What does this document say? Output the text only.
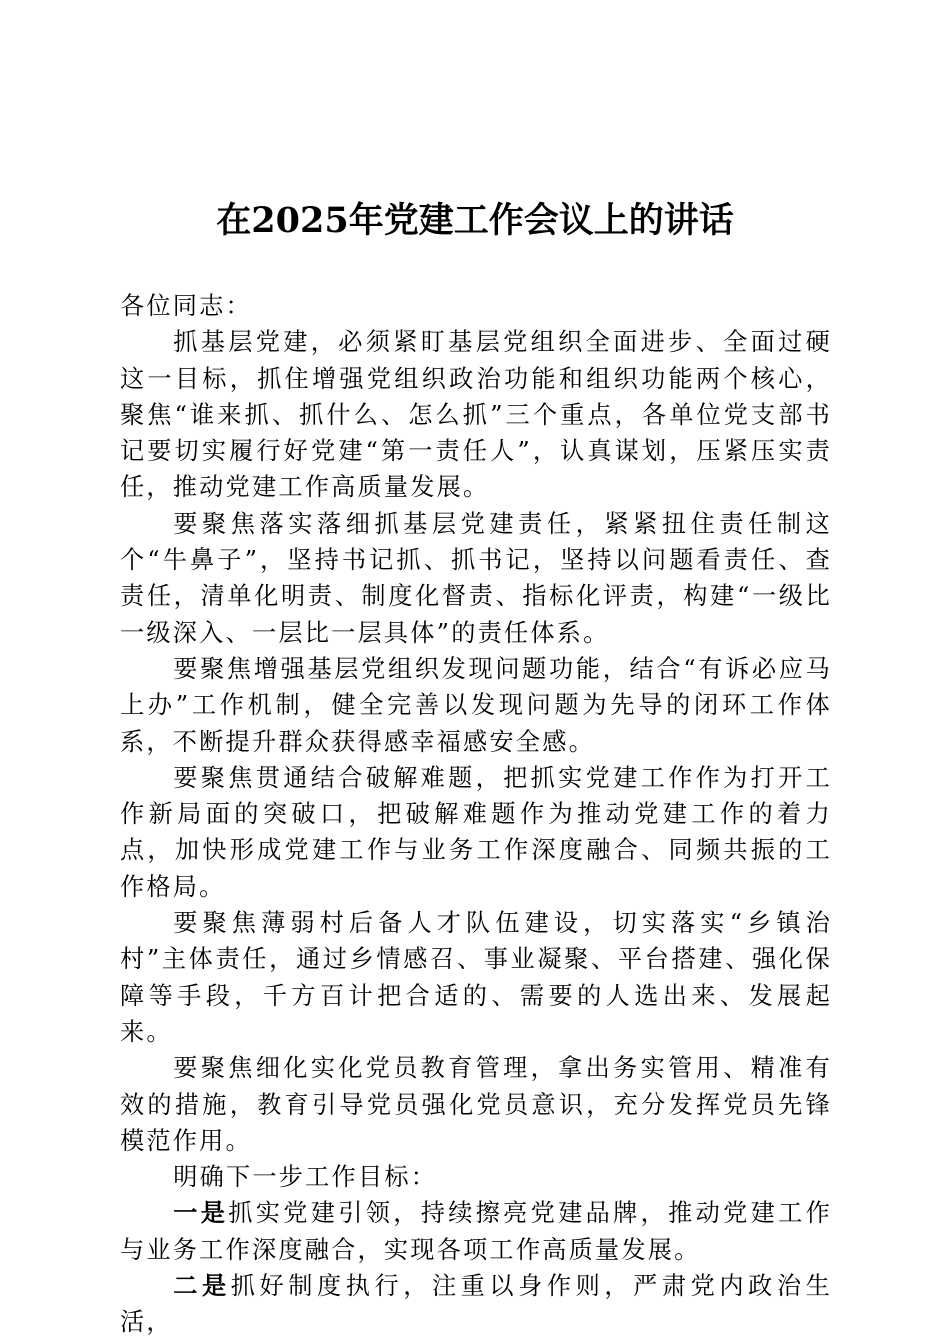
在2025年党建工作会议上的讲话

各位同志：

抓基层党建，必须紧盯基层党组织全面进步、全面过硬这一目标，抓住增强党组织政治功能和组织功能两个核心，聚焦“谁来抓、抓什么、怎么抓”三个重点，各单位党支部书记要切实履行好党建“第一责任人”，认真谋划，压紧压实责任，推动党建工作高质量发展。

要聚焦落实落细抓基层党建责任，紧紧扭住责任制这个“牛鼻子”，坚持书记抓、抓书记，坚持以问题看责任、查责任，清单化明责、制度化督责、指标化评责，构建“一级比一级深入、一层比一层具体”的责任体系。

要聚焦增强基层党组织发现问题功能，结合“有诉必应马上办”工作机制，健全完善以发现问题为先导的闭环工作体系，不断提升群众获得感幸福感安全感。

要聚焦贯通结合破解难题，把抓实党建工作作为打开工作新局面的突破口，把破解难题作为推动党建工作的着力点，加快形成党建工作与业务工作深度融合、同频共振的工作格局。

要聚焦薄弱村后备人才队伍建设，切实落实“乡镇治村”主体责任，通过乡情感召、事业凝聚、平台搭建、强化保障等手段，千方百计把合适的、需要的人选出来、发展起来。

要聚焦细化实化党员教育管理，拿出务实管用、精准有效的措施，教育引导党员强化党员意识，充分发挥党员先锋模范作用。

明确下一步工作目标：

一是抓实党建引领，持续擦亮党建品牌，推动党建工作与业务工作深度融合，实现各项工作高质量发展。

二是抓好制度执行，注重以身作则，严肃党内政治生活，
